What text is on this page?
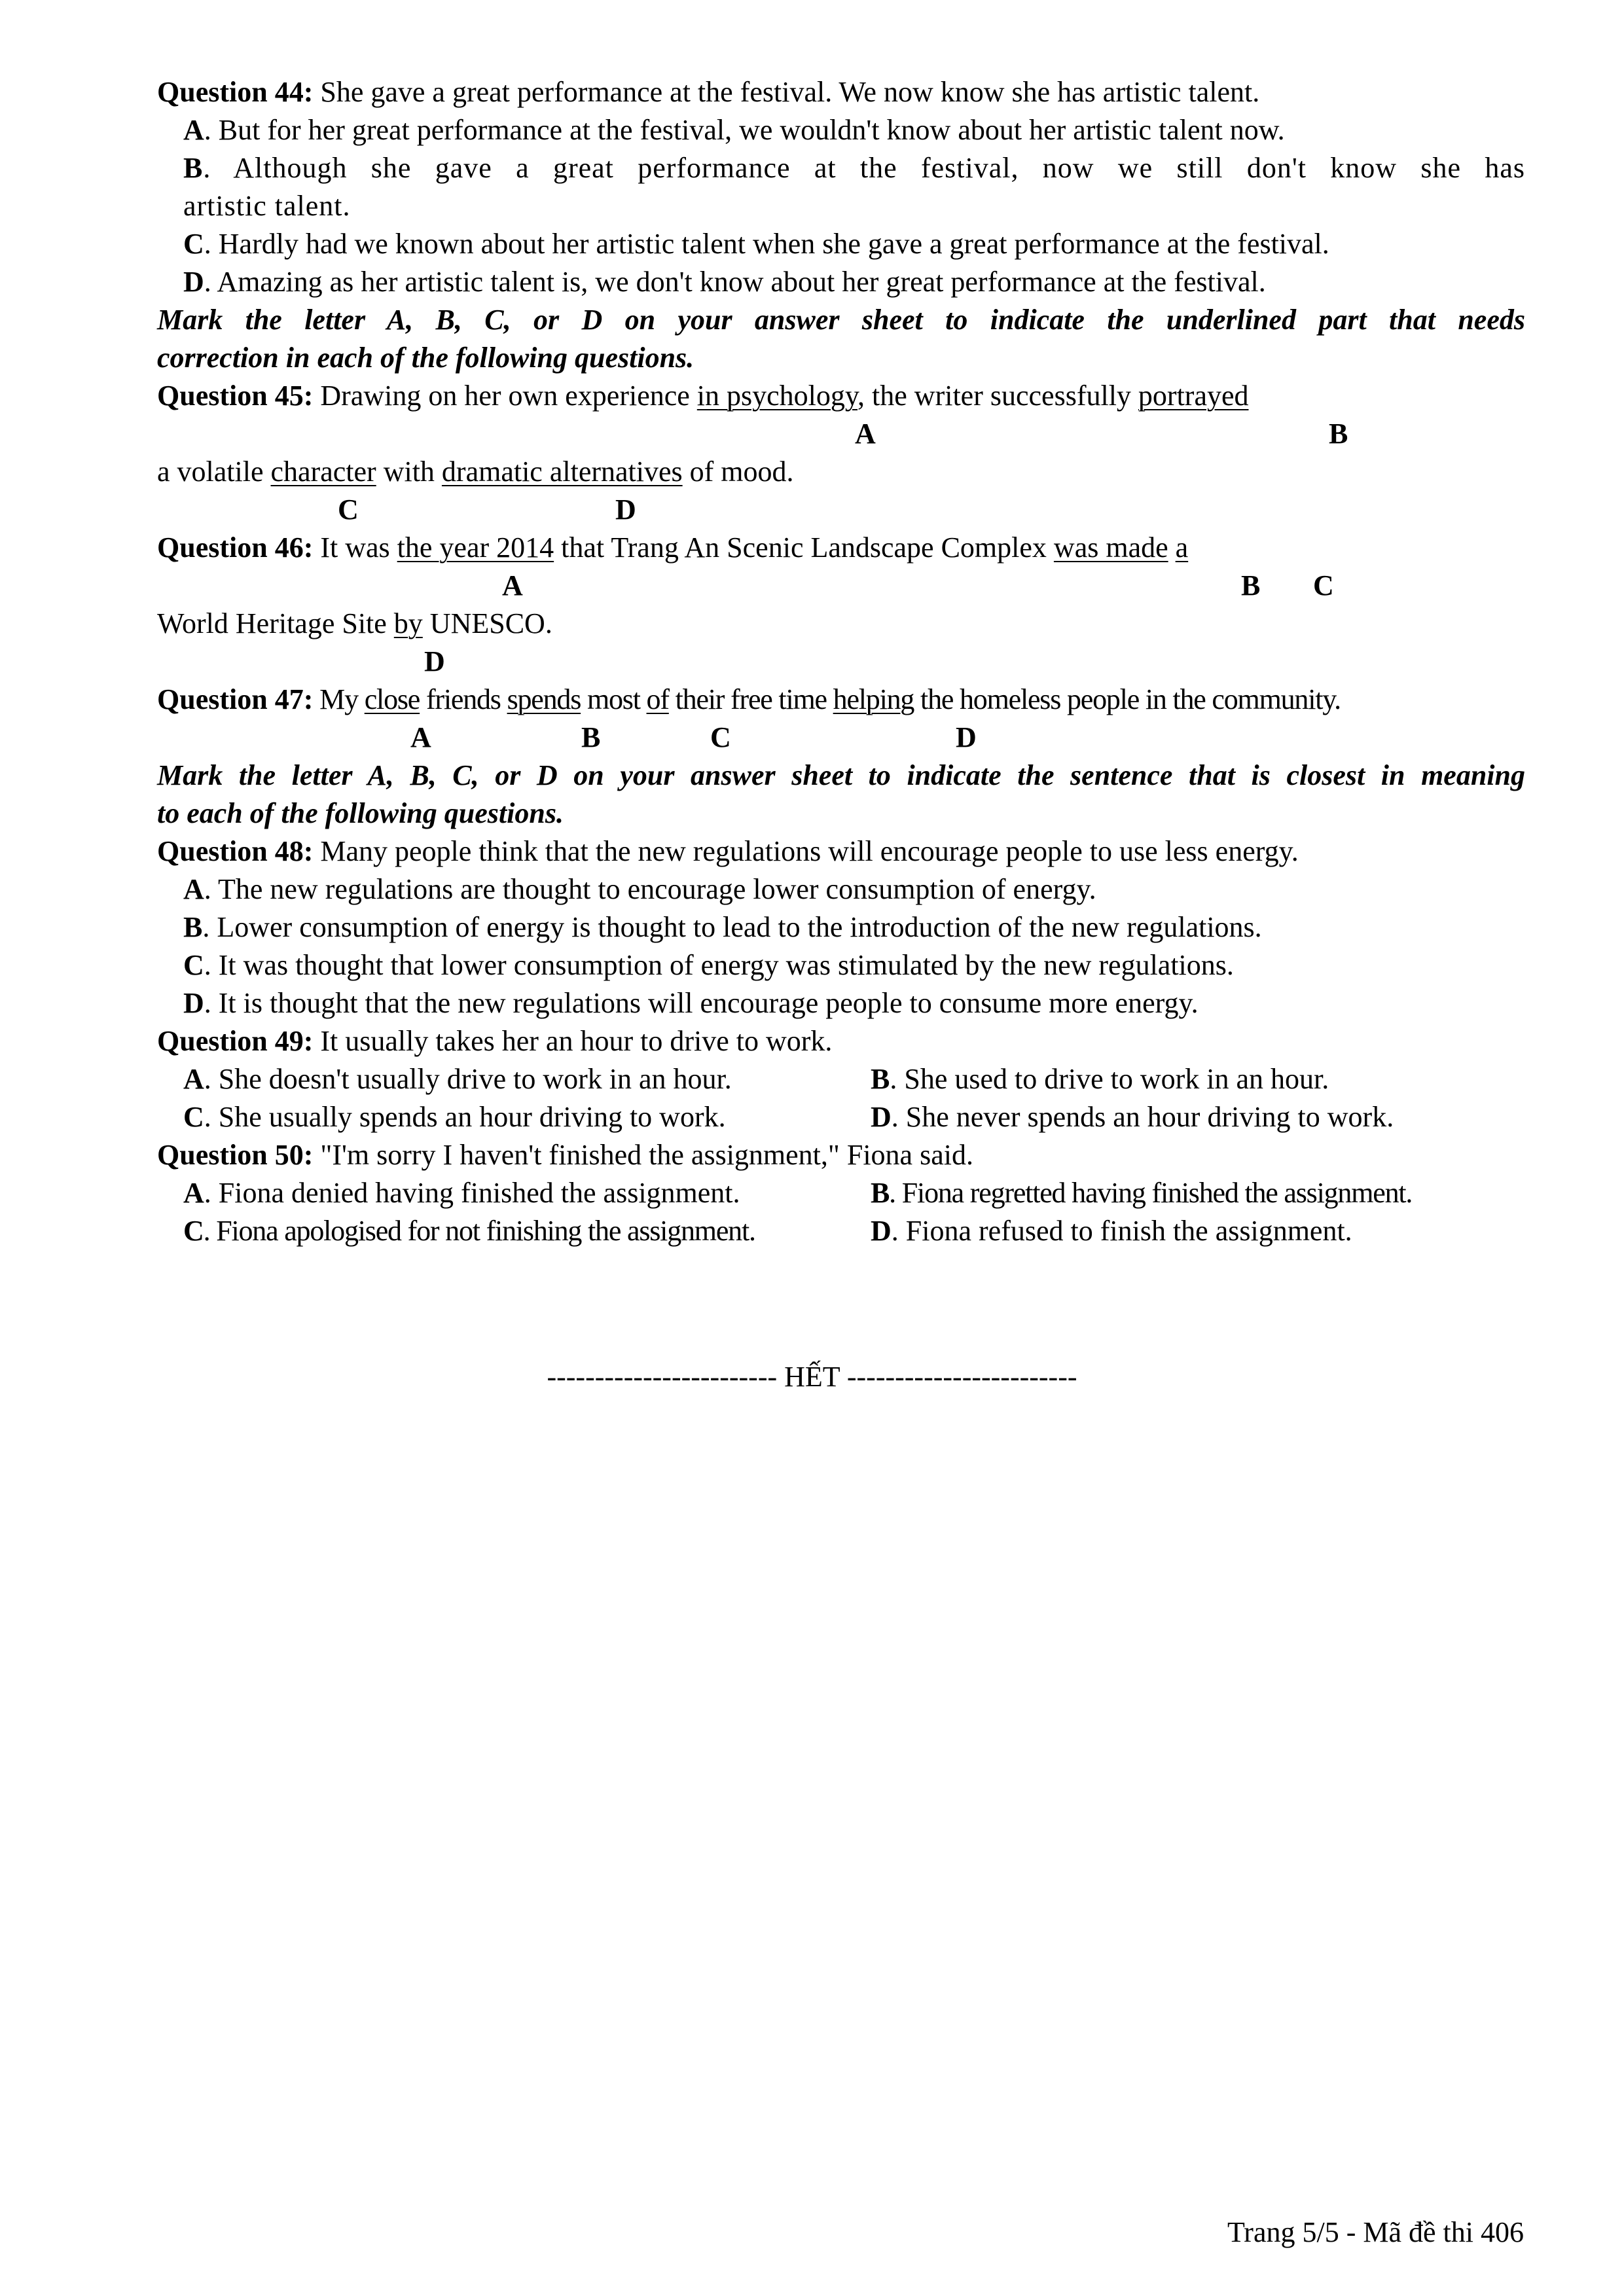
Question 44: She gave a great performance at the festival. We now know she has artistic talent.

A. But for her great performance at the festival, we wouldn't know about her artistic talent now.

B. Although she gave a great performance at the festival, now we still don't know she has

artistic talent.

C. Hardly had we known about her artistic talent when she gave a great performance at the festival.

D. Amazing as her artistic talent is, we don't know about her great performance at the festival.

Mark the letter A, B, C, or D on your answer sheet to indicate the underlined part that needs

correction in each of the following questions.

Question 45: Drawing on her own experience in psychology, the writer successfully portrayed

A	B

a volatile character with dramatic alternatives of mood.

C	D

Question 46: It was the year 2014 that Trang An Scenic Landscape Complex was made a

A	B C

World Heritage Site by UNESCO.

D

Question 47: My close friends spends most of their free time helping the homeless people in the community.

A	B	C	D

Mark the letter A, B, C, or D on your answer sheet to indicate the sentence that is closest in meaning

to each of the following questions.

Question 48: Many people think that the new regulations will encourage people to use less energy.

A. The new regulations are thought to encourage lower consumption of energy.

B. Lower consumption of energy is thought to lead to the introduction of the new regulations.

C. It was thought that lower consumption of energy was stimulated by the new regulations.

D. It is thought that the new regulations will encourage people to consume more energy.

Question 49: It usually takes her an hour to drive to work.

A. She doesn't usually drive to work in an hour.	B. She used to drive to work in an hour.
C. She usually spends an hour driving to work.	D. She never spends an hour driving to work.

Question 50: "I'm sorry I haven't finished the assignment," Fiona said.

A. Fiona denied having finished the assignment.	B. Fiona regretted having finished the assignment.
C. Fiona apologised for not finishing the assignment.	D. Fiona refused to finish the assignment.
------------------------ HẾT ------------------------
Trang 5/5 - Mã đề thi 406
